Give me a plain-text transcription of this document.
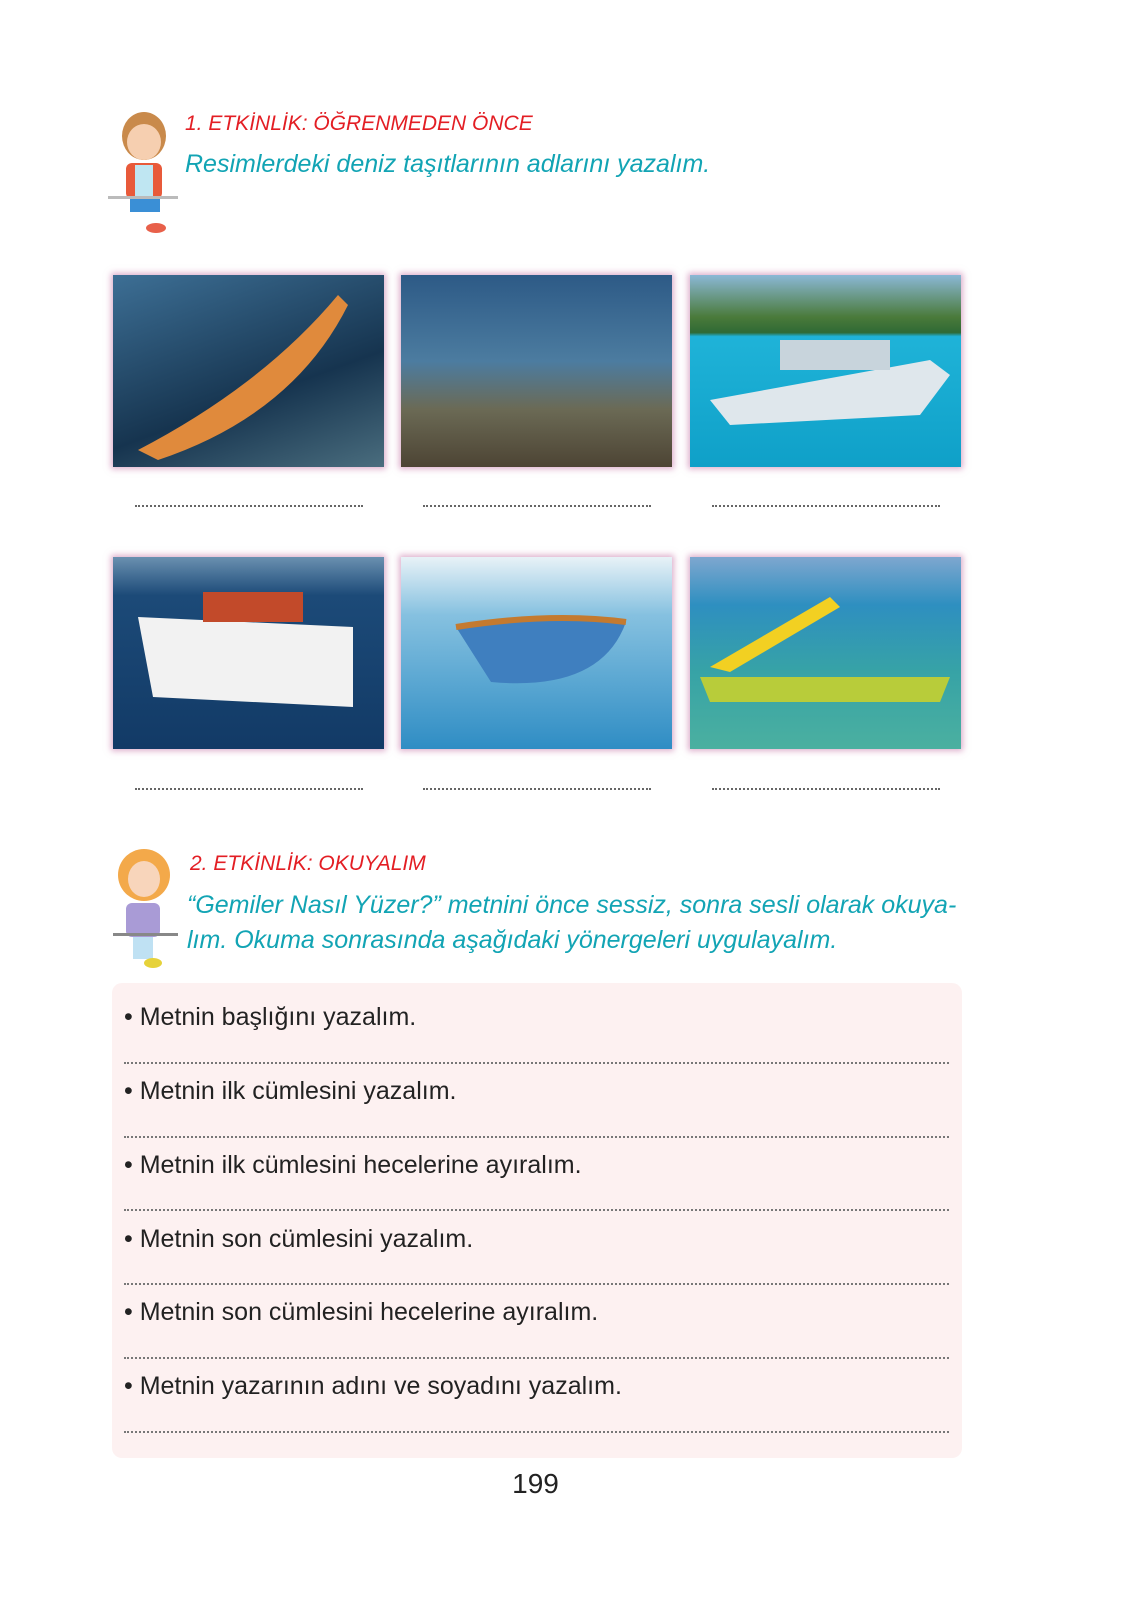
1. ETKİNLİK: ÖĞRENMEDEN ÖNCE
Resimlerdeki deniz taşıtlarının adlarını yazalım.
2. ETKİNLİK: OKUYALIM
“Gemiler Nasıl Yüzer?” metnini önce sessiz, sonra sesli olarak okuya-
lım. Okuma sonrasında aşağıdaki yönergeleri uygulayalım.
• Metnin başlığını yazalım.
• Metnin ilk cümlesini yazalım.
• Metnin ilk cümlesini hecelerine ayıralım.
• Metnin son cümlesini yazalım.
• Metnin son cümlesini hecelerine ayıralım.
• Metnin yazarının adını ve soyadını yazalım.
199
